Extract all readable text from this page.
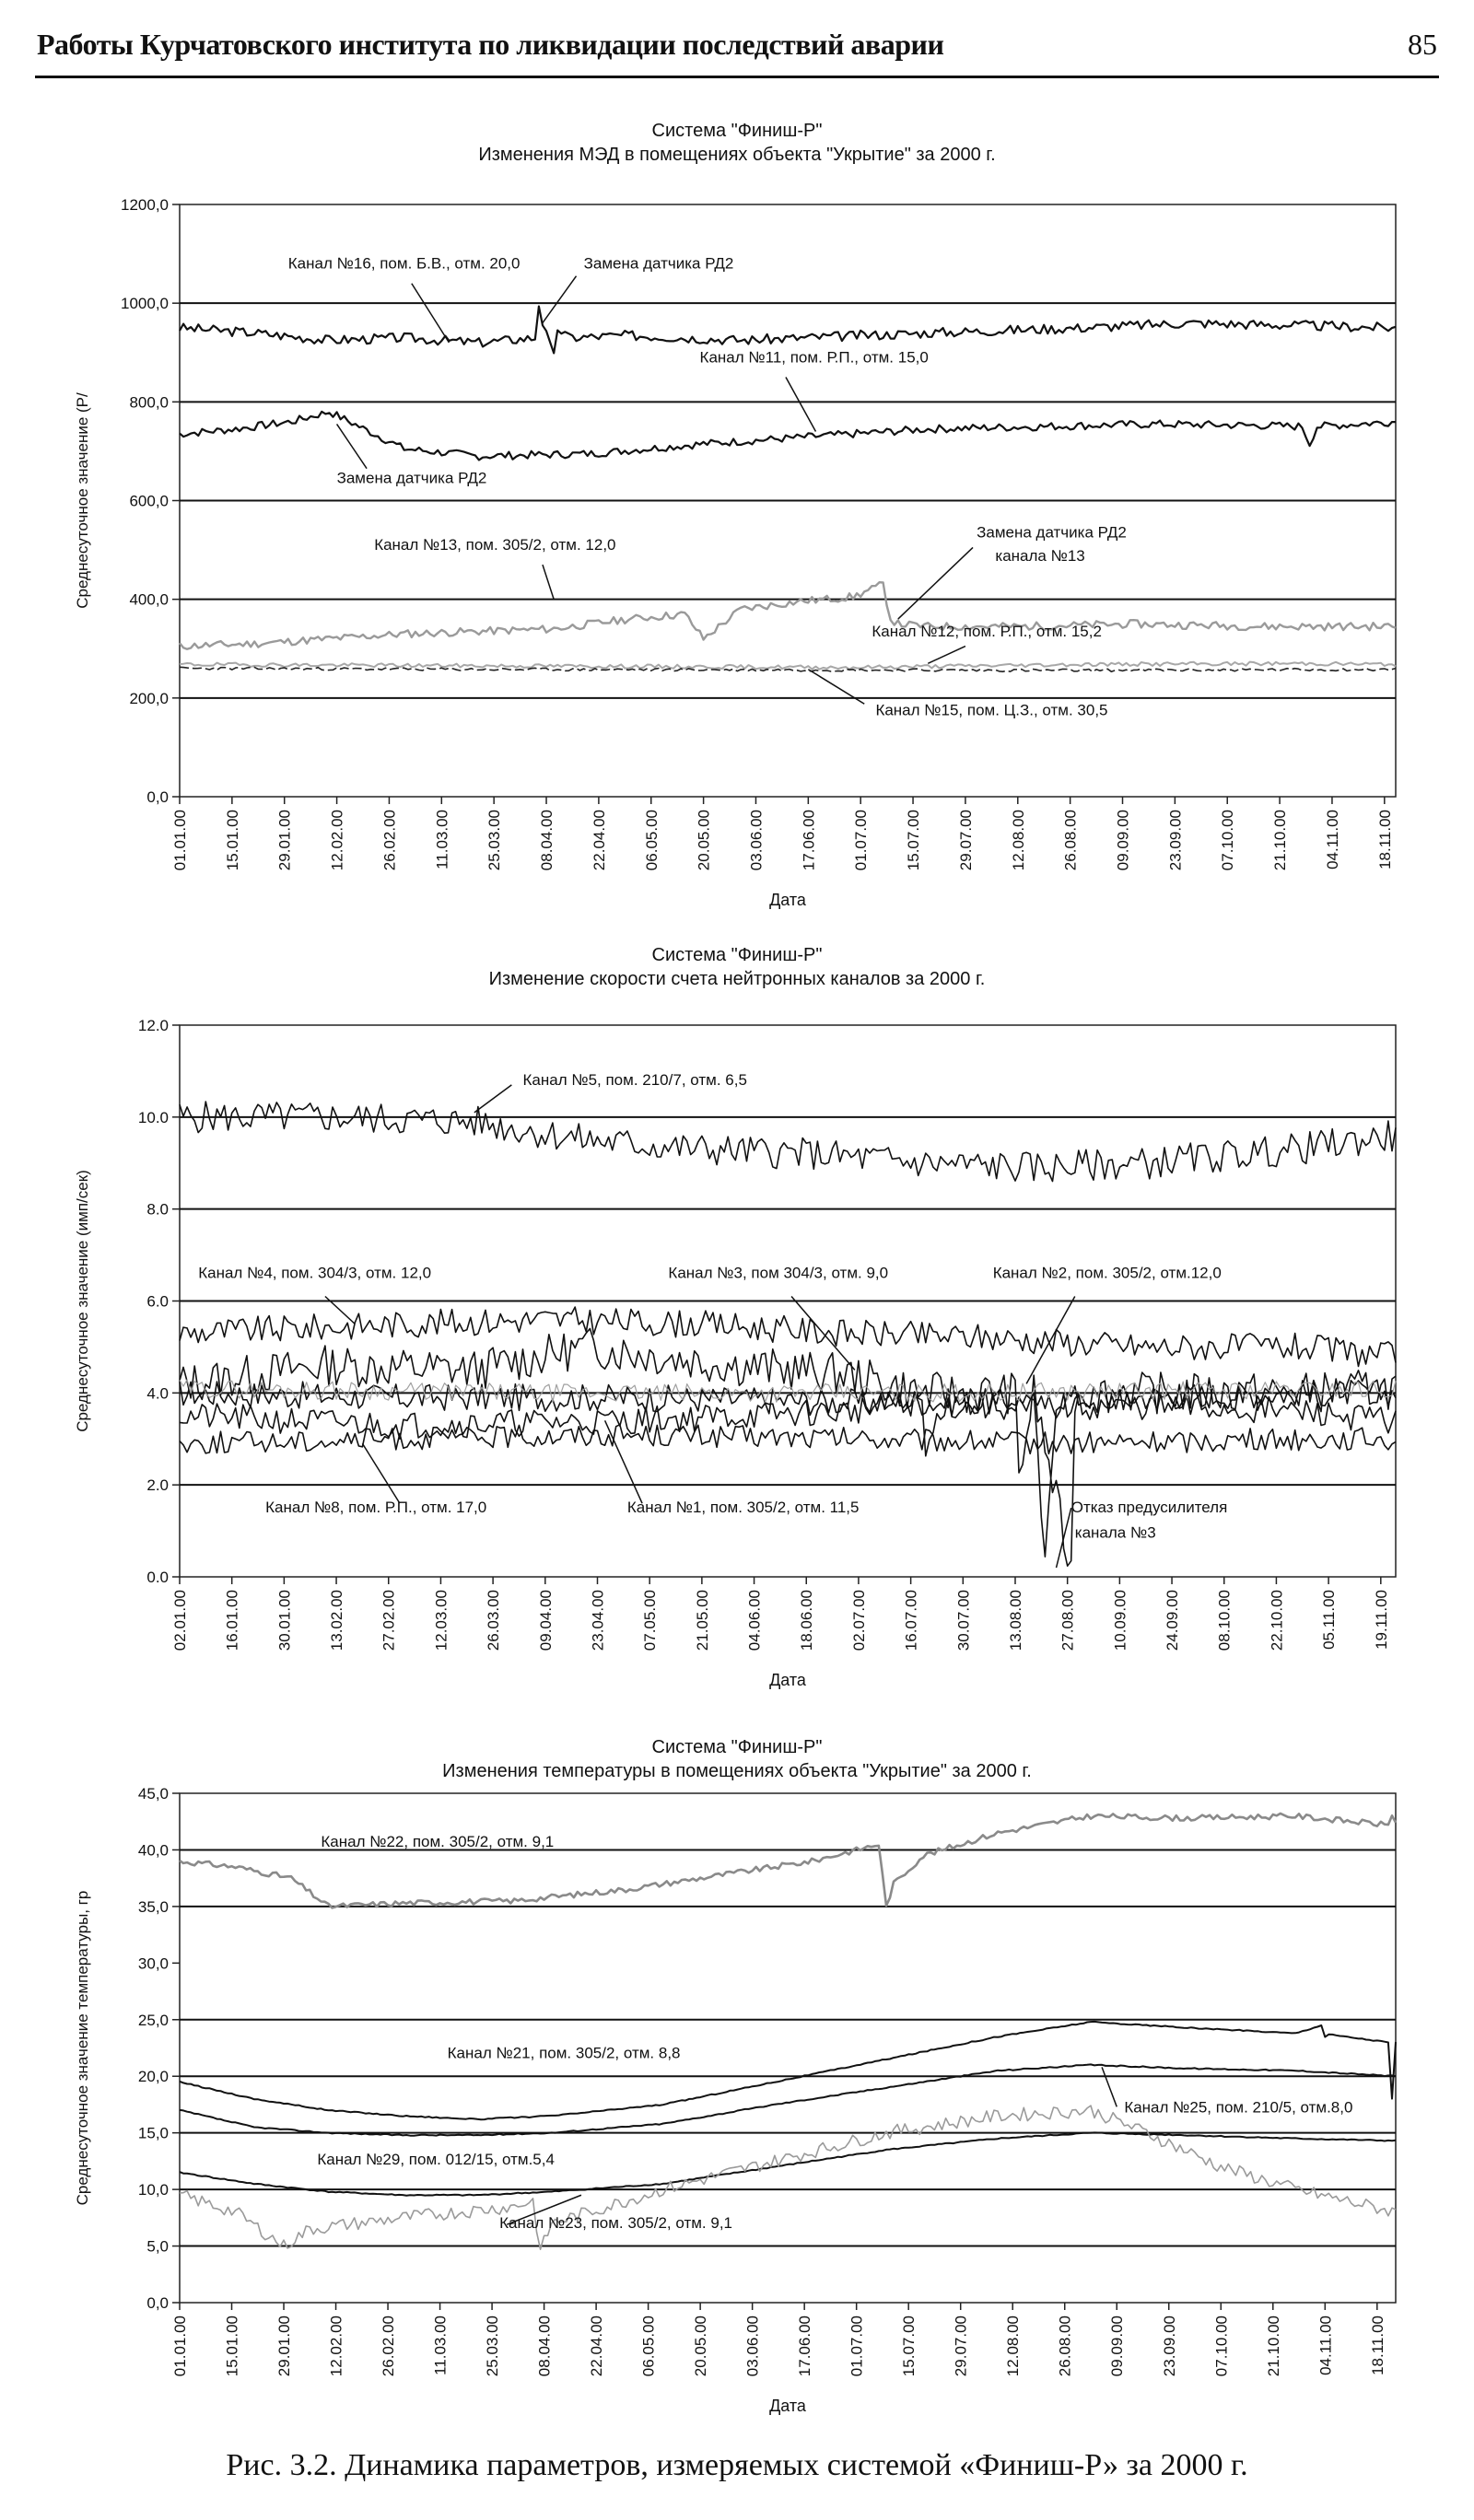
Работы Курчатовского института по ликвидации последствий аварии	85
Система "Финиш-Р"
Изменения МЭД в помещениях объекта "Укрытие" за 2000 г.
0,0
200,0
400,0
600,0
800,0
1000,0
1200,0
01.01.00 15.01.00 29.01.00 12.02.00 26.02.00 11.03.00 25.03.00 08.04.00 22.04.00 06.05.00 20.05.00 03.06.00 17.06.00 01.07.00 15.07.00 29.07.00 12.08.00 26.08.00 09.09.00 23.09.00 07.10.00 21.10.00 04.11.00 18.11.00
Дата
Среднесуточное значение (Р/
Канал №16, пом. Б.В., отм. 20,0	Замена датчика РД2
Канал №11, пом. Р.П., отм. 15,0
Замена датчика РД2
Канал №13, пом. 305/2, отм. 12,0
Замена датчика РД2
канала №13
Канал №12, пом. Р.П., отм. 15,2
Канал №15, пом. Ц.З., отм. 30,5
Система "Финиш-Р"
Изменение скорости счета нейтронных каналов за 2000 г.
0.0
2.0
4.0
6.0
8.0
10.0
12.0
02.01.00 16.01.00 30.01.00 13.02.00 27.02.00 12.03.00 26.03.00 09.04.00 23.04.00 07.05.00 21.05.00 04.06.00 18.06.00 02.07.00 16.07.00 30.07.00 13.08.00 27.08.00 10.09.00 24.09.00 08.10.00 22.10.00 05.11.00 19.11.00
Дата
Среднесуточное значение (имп/сек)
Канал №5, пом. 210/7, отм. 6,5
Канал №4, пом. 304/3, отм. 12,0	Канал №3, пом 304/3, отм. 9,0	Канал №2, пом. 305/2, отм.12,0
Канал №8, пом. Р.П., отм. 17,0	Канал №1, пом. 305/2, отм. 11,5	Отказ предусилителя
канала №3
Система "Финиш-Р"
Изменения температуры в помещениях объекта "Укрытие" за 2000 г.
0,0
5,0
10,0
15,0
20,0
25,0
30,0
35,0
40,0
45,0
01.01.00 15.01.00 29.01.00 12.02.00 26.02.00 11.03.00 25.03.00 08.04.00 22.04.00 06.05.00 20.05.00 03.06.00 17.06.00 01.07.00 15.07.00 29.07.00 12.08.00 26.08.00 09.09.00 23.09.00 07.10.00 21.10.00 04.11.00 18.11.00
Дата
Среднесуточное значение температуры, гр
Канал №22, пом. 305/2, отм. 9,1
Канал №21, пом. 305/2, отм. 8,8
Канал №25, пом. 210/5, отм.8,0
Канал №29, пом. 012/15, отм.5,4
Канал №23, пом. 305/2, отм. 9,1
Рис. 3.2. Динамика параметров, измеряемых системой «Финиш-Р» за 2000 г.
